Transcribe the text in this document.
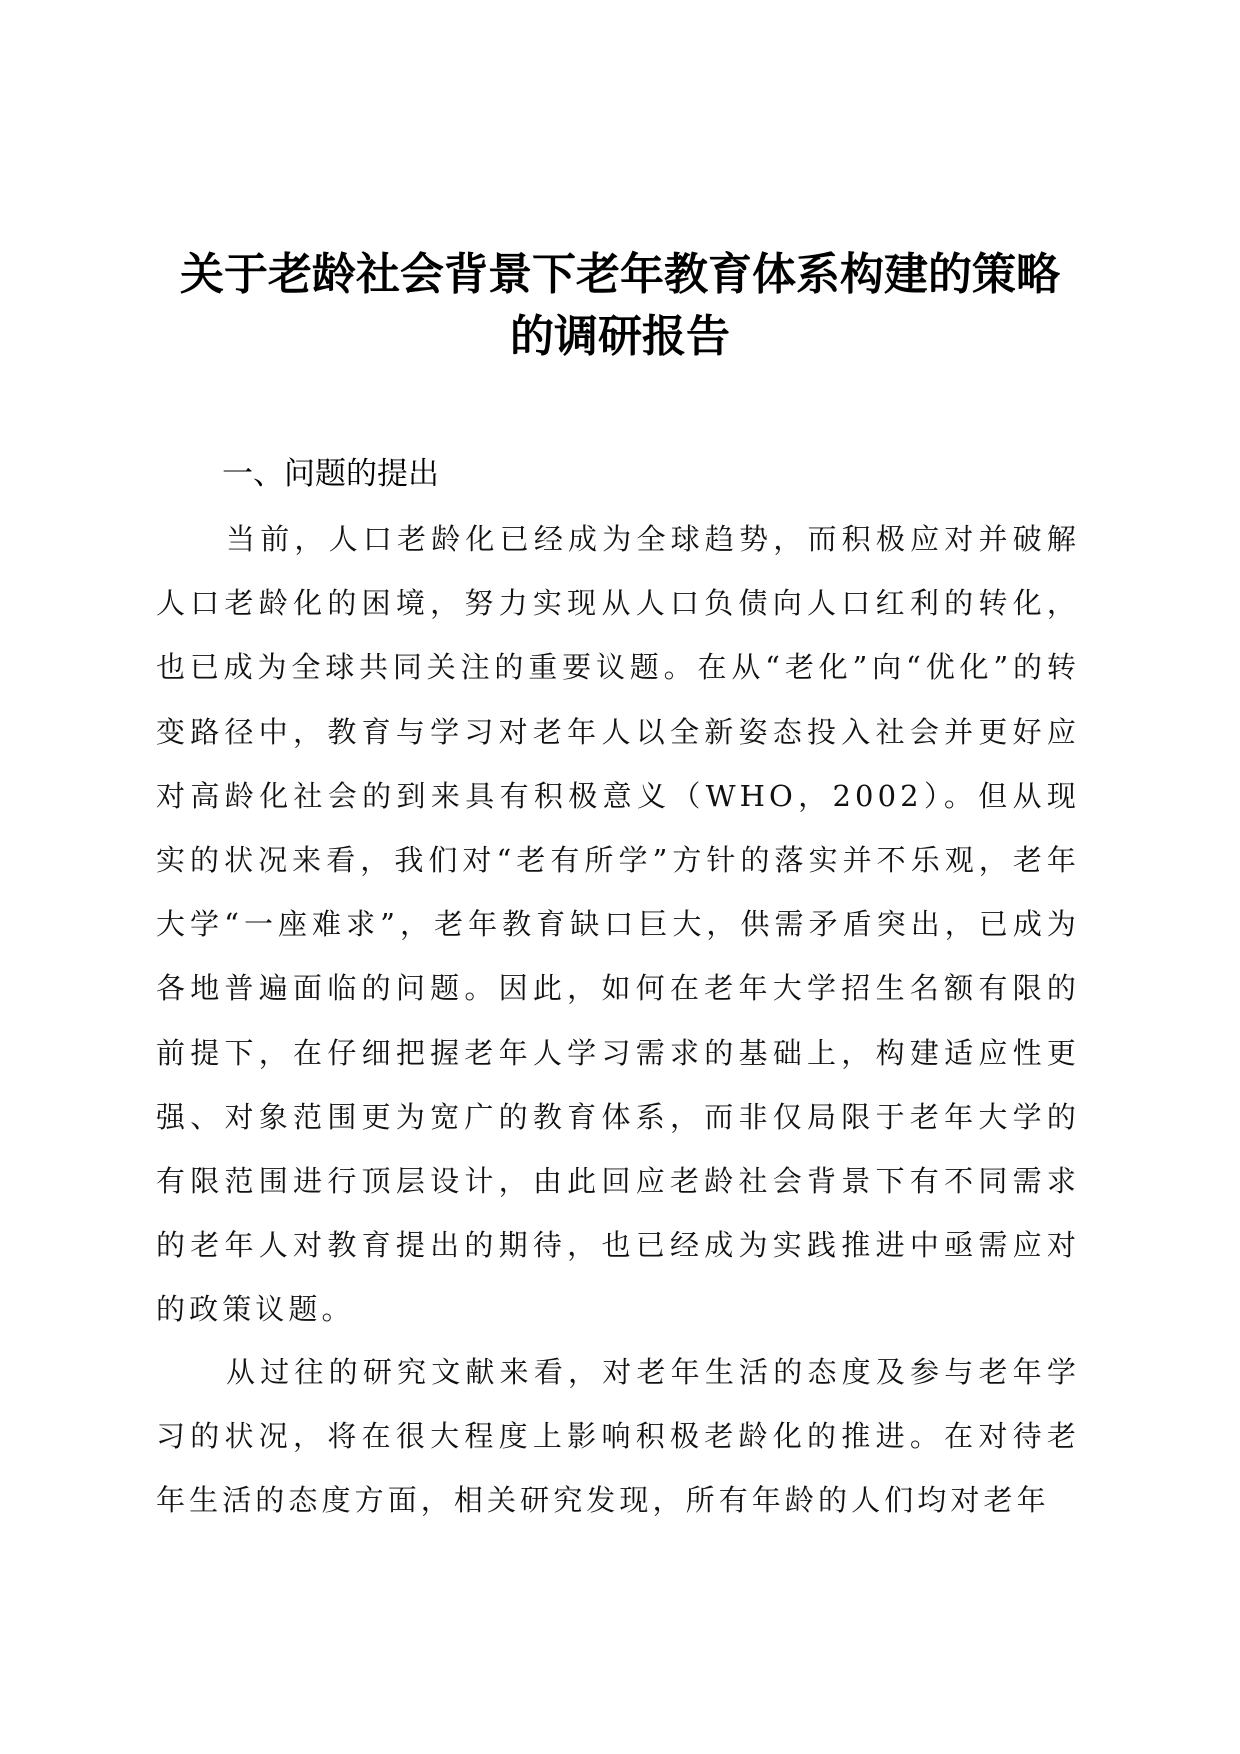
关于老龄社会背景下老年教育体系构建的策略
的调研报告
一、问题的提出

当前，人口老龄化已经成为全球趋势，而积极应对并破解人口老龄化的困境，努力实现从人口负债向人口红利的转化，也已成为全球共同关注的重要议题。在从“老化”向“优化”的转变路径中，教育与学习对老年人以全新姿态投入社会并更好应对高龄化社会的到来具有积极意义（WHO，2002）。但从现实的状况来看，我们对“老有所学”方针的落实并不乐观，老年大学“一座难求”，老年教育缺口巨大，供需矛盾突出，已成为各地普遍面临的问题。因此，如何在老年大学招生名额有限的前提下，在仔细把握老年人学习需求的基础上，构建适应性更强、对象范围更为宽广的教育体系，而非仅局限于老年大学的有限范围进行顶层设计，由此回应老龄社会背景下有不同需求的老年人对教育提出的期待，也已经成为实践推进中亟需应对的政策议题。

从过往的研究文献来看，对老年生活的态度及参与老年学习的状况，将在很大程度上影响积极老龄化的推进。在对待老年生活的态度方面，相关研究发现，所有年龄的人们均对老年
